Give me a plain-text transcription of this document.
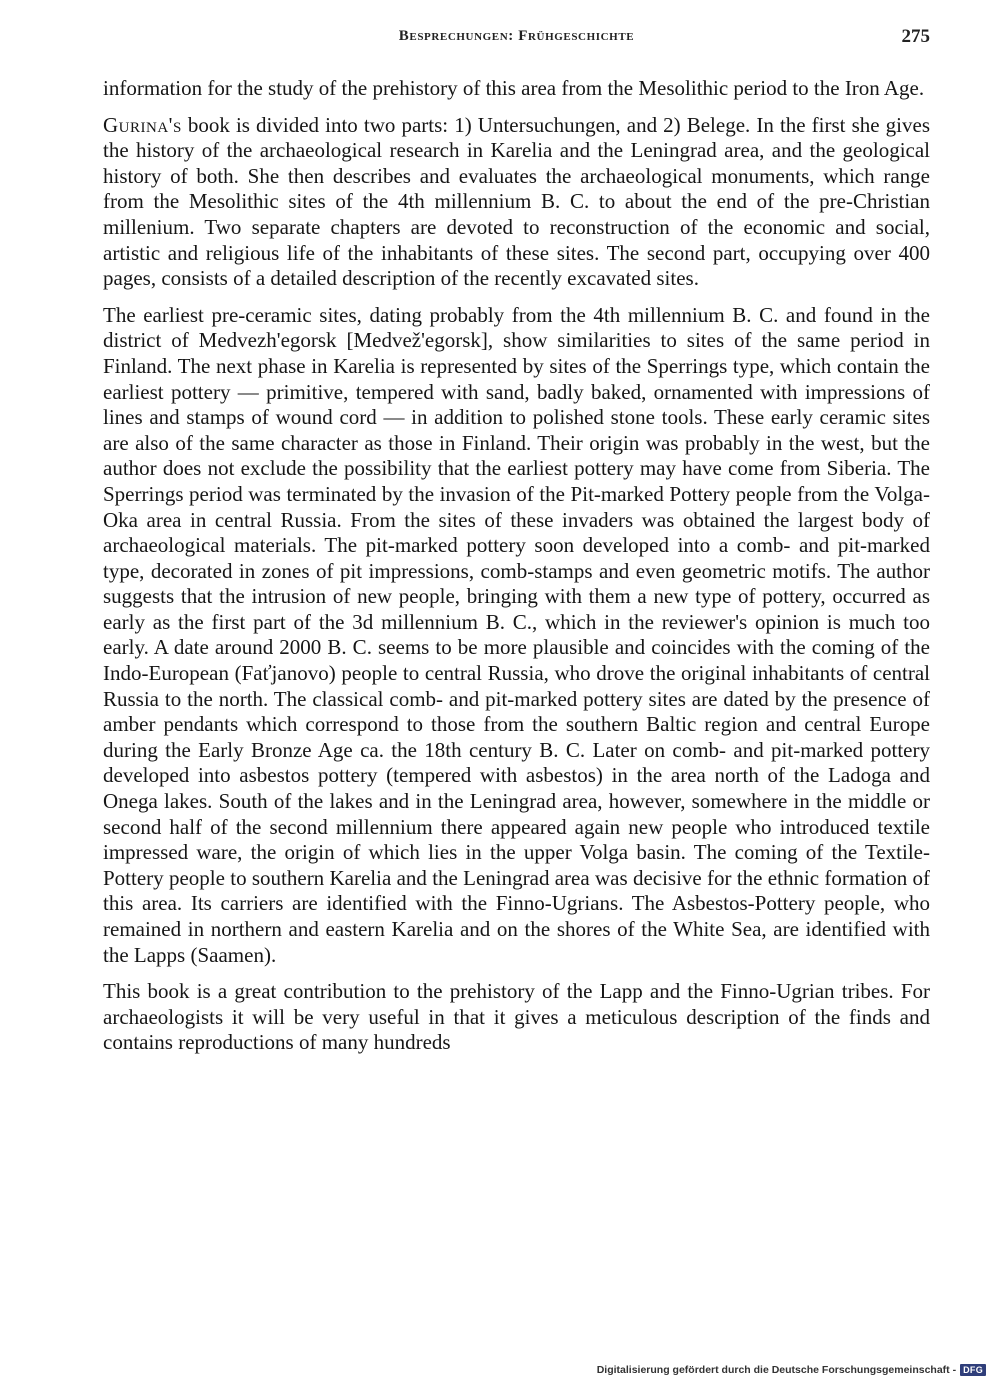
Besprechungen: Frühgeschichte	275

information for the study of the prehistory of this area from the Mesolithic period to the Iron Age.

Gurina's book is divided into two parts: 1) Untersuchungen, and 2) Belege. In the first she gives the history of the archaeological research in Karelia and the Leningrad area, and the geological history of both. She then describes and evaluates the archaeological monuments, which range from the Mesolithic sites of the 4th millennium B. C. to about the end of the pre-Christian millenium. Two separate chapters are devoted to reconstruction of the economic and social, artistic and religious life of the inhabitants of these sites. The second part, occupying over 400 pages, consists of a detailed description of the recently excavated sites.

The earliest pre-ceramic sites, dating probably from the 4th millennium B. C. and found in the district of Medvezh'egorsk [Medvež'egorsk], show similarities to sites of the same period in Finland. The next phase in Karelia is represented by sites of the Sperrings type, which contain the earliest pottery — primitive, tempered with sand, badly baked, ornamented with impressions of lines and stamps of wound cord — in addition to polished stone tools. These early ceramic sites are also of the same character as those in Finland. Their origin was probably in the west, but the author does not exclude the possibility that the earliest pottery may have come from Siberia. The Sperrings period was terminated by the invasion of the Pit-marked Pottery people from the Volga-Oka area in central Russia. From the sites of these invaders was obtained the largest body of archaeological materials. The pit-marked pottery soon developed into a comb- and pit-marked type, decorated in zones of pit impressions, comb-stamps and even geometric motifs. The author suggests that the intrusion of new people, bringing with them a new type of pottery, occurred as early as the first part of the 3d millennium B. C., which in the reviewer's opinion is much too early. A date around 2000 B. C. seems to be more plausible and coincides with the coming of the Indo-European (Faťjanovo) people to central Russia, who drove the original inhabitants of central Russia to the north. The classical comb- and pit-marked pottery sites are dated by the presence of amber pendants which correspond to those from the southern Baltic region and central Europe during the Early Bronze Age ca. the 18th century B. C. Later on comb- and pit-marked pottery developed into asbestos pottery (tempered with asbestos) in the area north of the Ladoga and Onega lakes. South of the lakes and in the Leningrad area, however, somewhere in the middle or second half of the second millennium there appeared again new people who introduced textile impressed ware, the origin of which lies in the upper Volga basin. The coming of the Textile-Pottery people to southern Karelia and the Leningrad area was decisive for the ethnic formation of this area. Its carriers are identified with the Finno-Ugrians. The Asbestos-Pottery people, who remained in northern and eastern Karelia and on the shores of the White Sea, are identified with the Lapps (Saamen).

This book is a great contribution to the prehistory of the Lapp and the Finno-Ugrian tribes. For archaeologists it will be very useful in that it gives a meticulous description of the finds and contains reproductions of many hundreds

Digitalisierung gefördert durch die Deutsche Forschungsgemeinschaft - DFG
